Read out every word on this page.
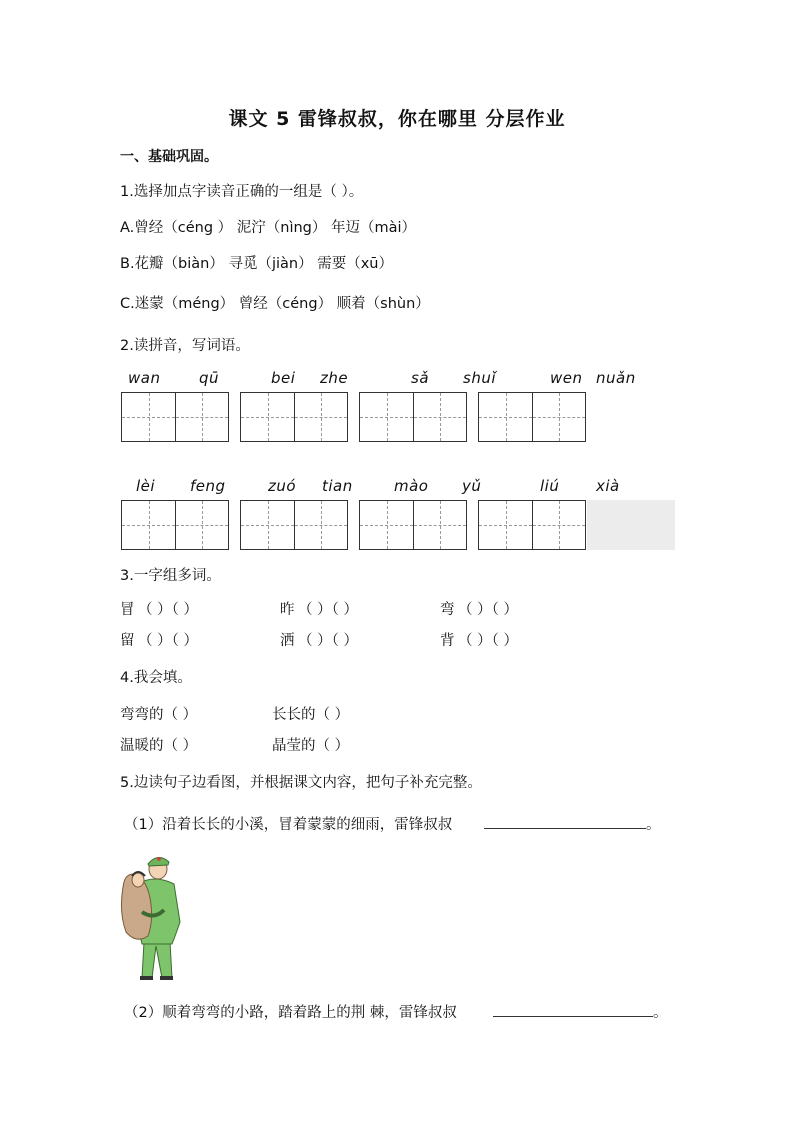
课文 5 雷锋叔叔，你在哪里 分层作业
一、基础巩固。
1.选择加点字读音正确的一组是（ ）。
A.曾经（céng ） 泥泞（nìng） 年迈（mài）
B.花瓣（biàn） 寻觅（jiàn） 需要（xū）
C.迷蒙（méng） 曾经（céng） 顺着（shùn）
2.读拼音，写词语。
wan	qū	bei zhe	sǎ shuǐ	wen nuǎn
lèi feng	zuó tian	mào yǔ	liú xià
3.一字组多词。
冒 （ ）（ ）	昨 （ ）（ ）	弯 （ ）（ ）
留 （ ）（ ）	洒 （ ）（ ）	背 （ ）（ ）
4.我会填。
弯弯的（ ）	长长的（ ）
温暖的（ ）	晶莹的（ ）
5.边读句子边看图，并根据课文内容，把句子补充完整。
（1）沿着长长的小溪，冒着蒙蒙的细雨，雷锋叔叔	。
（2）顺着弯弯的小路，踏着路上的荆 棘，雷锋叔叔	。
